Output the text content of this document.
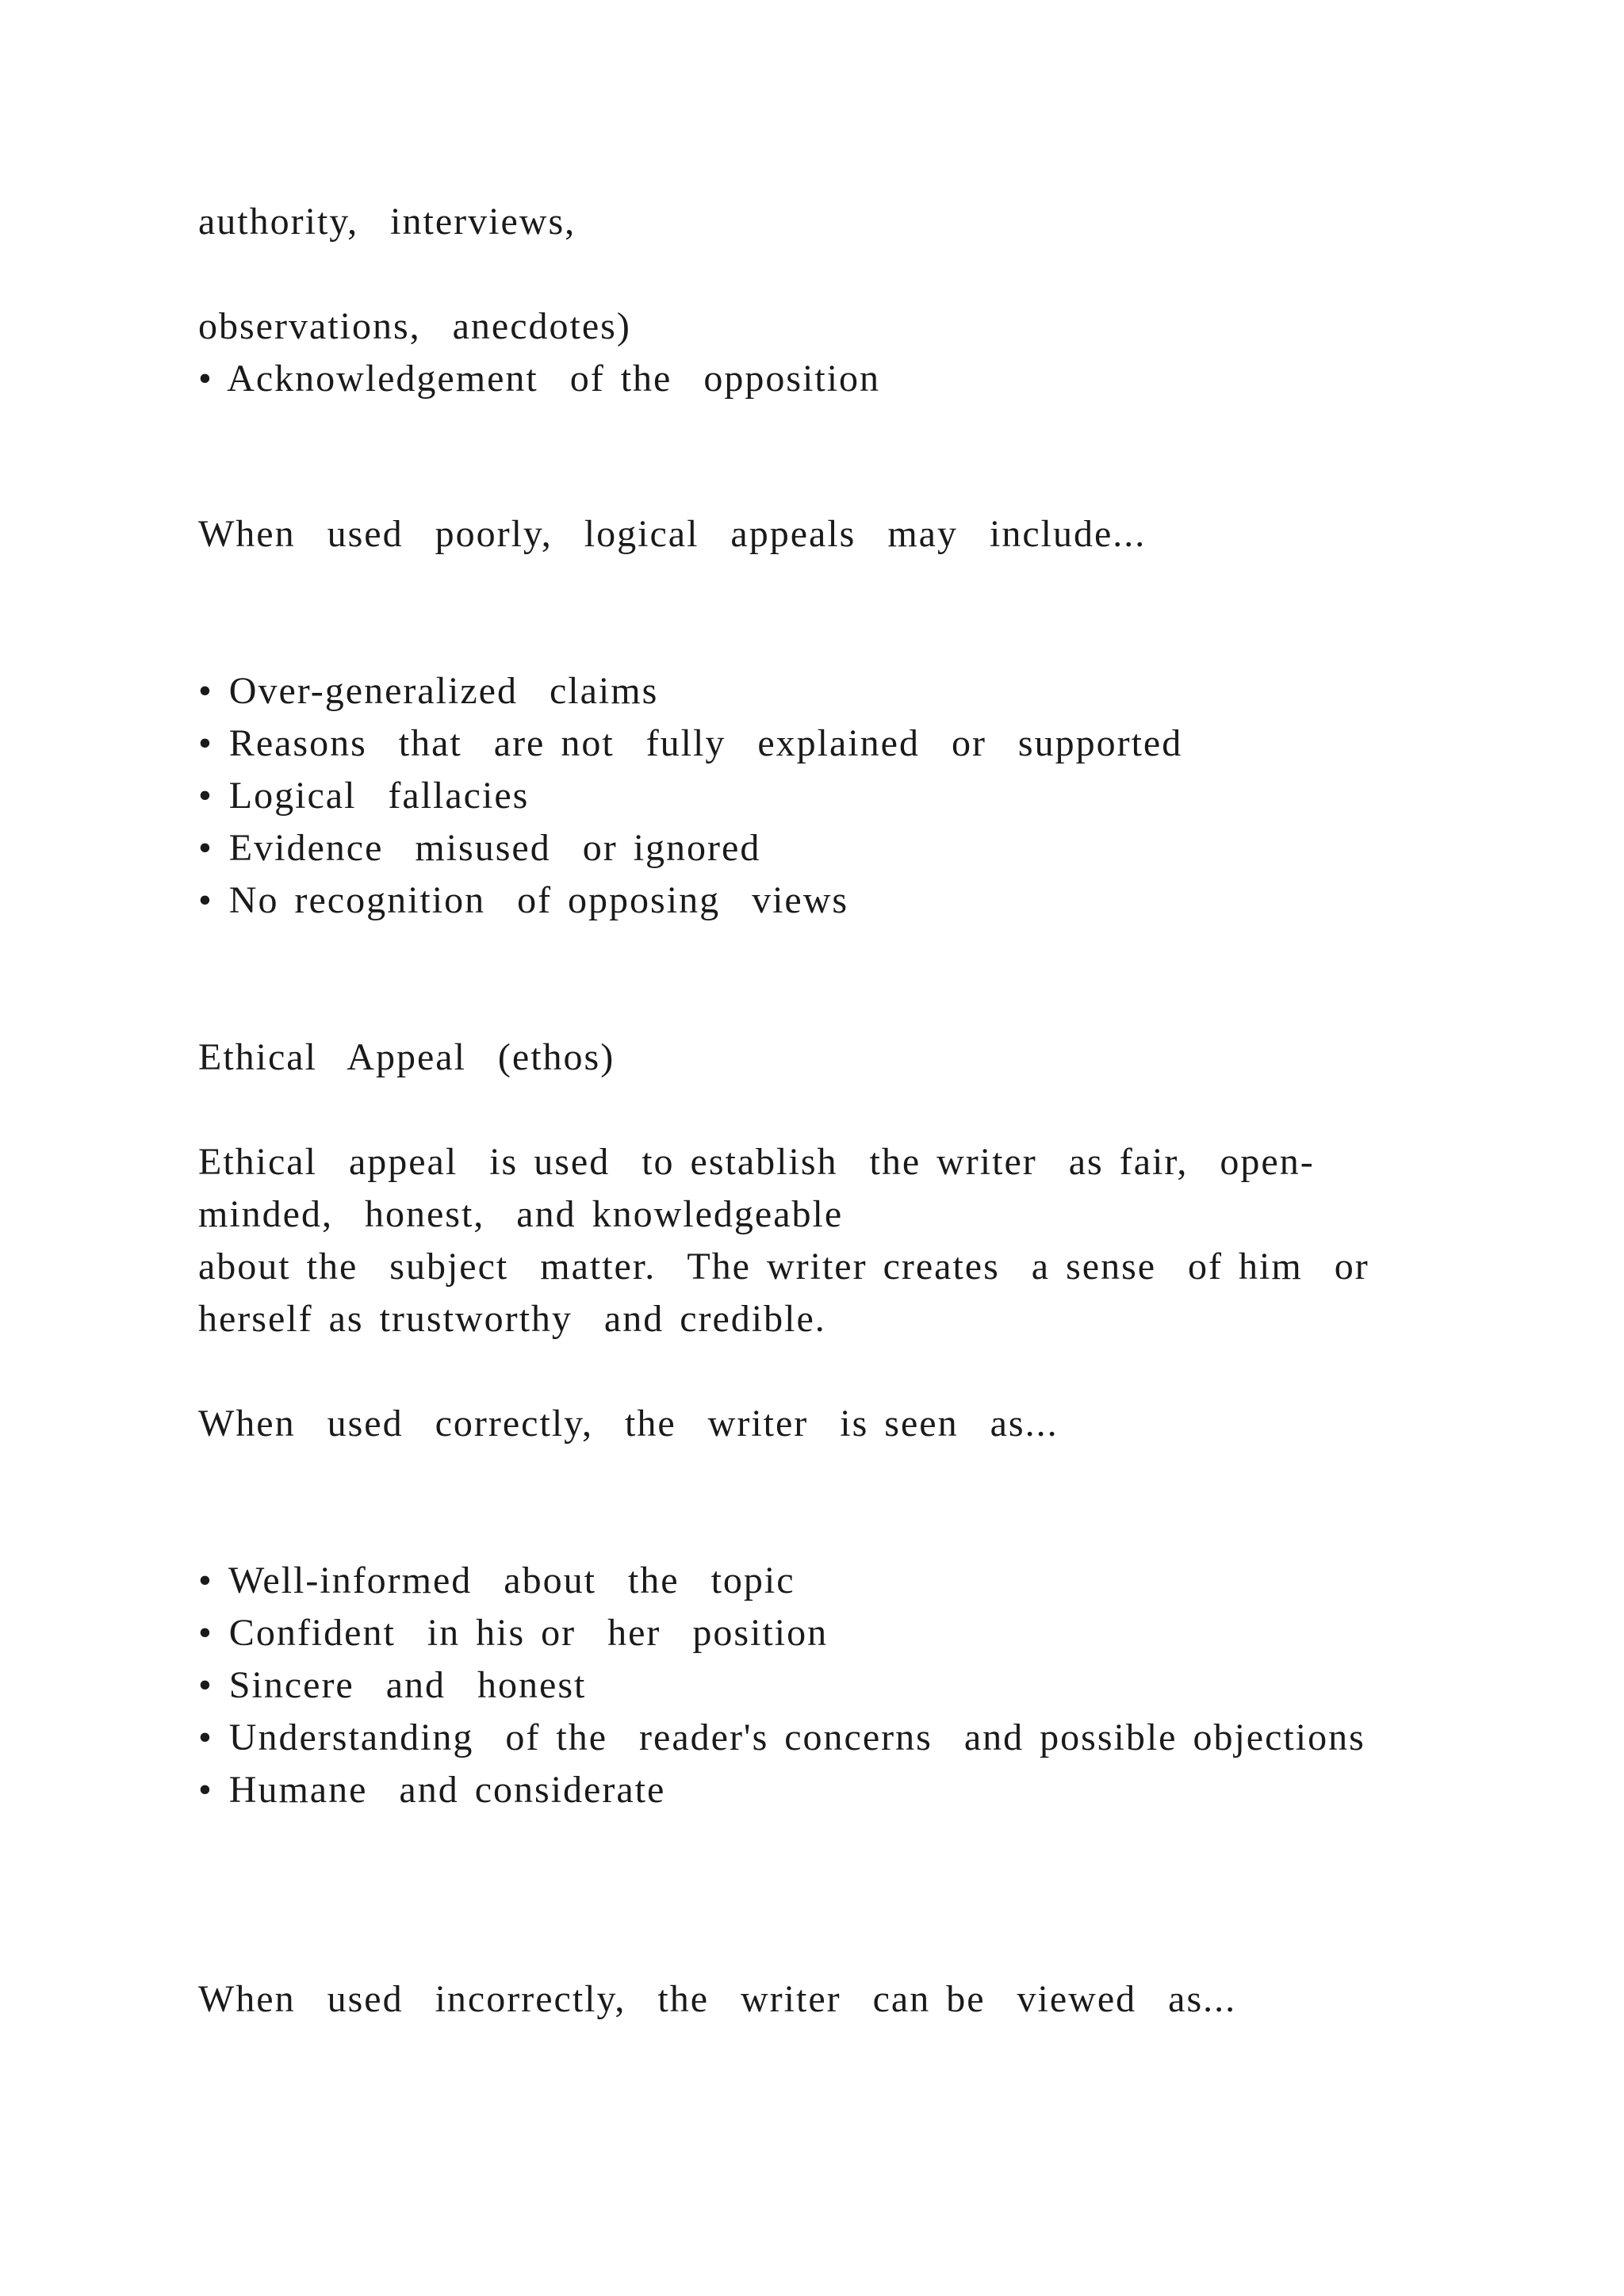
authority,  interviews,

observations,  anecdotes)

• Acknowledgement  of the  opposition

When  used  poorly,  logical  appeals  may  include...

• Over-generalized  claims

• Reasons  that  are not  fully  explained  or  supported

• Logical  fallacies

• Evidence  misused  or ignored

• No recognition  of opposing  views

Ethical  Appeal  (ethos)

Ethical  appeal  is used  to establish  the writer  as fair,  open-

minded,  honest,  and knowledgeable

about the  subject  matter.  The writer creates  a sense  of him  or

herself as trustworthy  and credible.

When  used  correctly,  the  writer  is seen  as...

• Well-informed  about  the  topic

• Confident  in his or  her  position

• Sincere  and  honest

• Understanding  of the  reader's concerns  and possible objections

• Humane  and considerate

When  used  incorrectly,  the  writer  can be  viewed  as...
